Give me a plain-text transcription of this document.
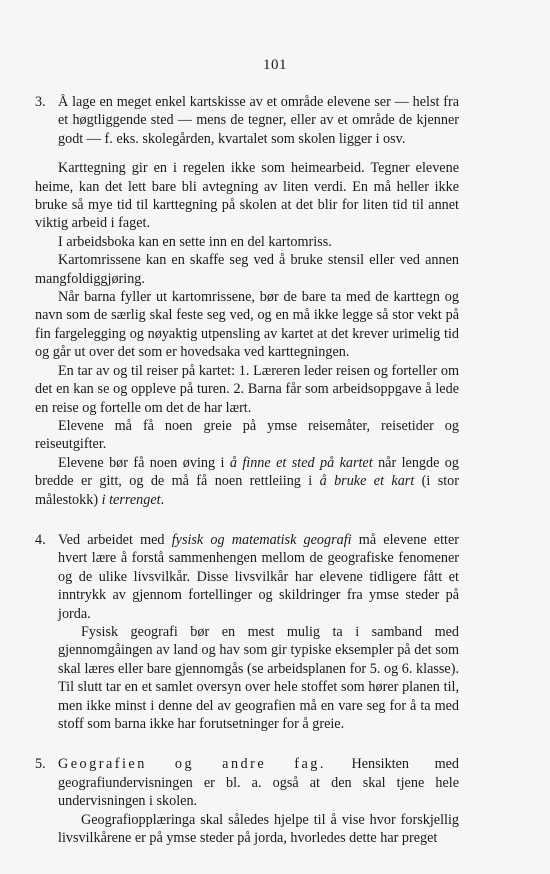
101
3. Å lage en meget enkel kartskisse av et område elevene ser — helst fra et høgtliggende sted — mens de tegner, eller av et område de kjenner godt — f. eks. skolegården, kvartalet som skolen ligger i osv.

Karttegning gir en i regelen ikke som heimearbeid. Tegner elevene heime, kan det lett bare bli avtegning av liten verdi. En må heller ikke bruke så mye tid til karttegning på skolen at det blir for liten tid til annet viktig arbeid i faget.

I arbeidsboka kan en sette inn en del kartomriss.

Kartomrissene kan en skaffe seg ved å bruke stensil eller ved annen mangfoldiggjøring.

Når barna fyller ut kartomrissene, bør de bare ta med de karttegn og navn som de særlig skal feste seg ved, og en må ikke legge så stor vekt på fin fargelegging og nøyaktig utpensling av kartet at det krever urimelig tid og går ut over det som er hovedsaka ved karttegningen.

En tar av og til reiser på kartet: 1. Læreren leder reisen og forteller om det en kan se og oppleve på turen. 2. Barna får som arbeidsoppgave å lede en reise og fortelle om det de har lært.

Elevene må få noen greie på ymse reisemåter, reisetider og reiseutgifter.

Elevene bør få noen øving i å finne et sted på kartet når lengde og bredde er gitt, og de må få noen rettleiing i å bruke et kart (i stor målestokk) i terrenget.

4. Ved arbeidet med fysisk og matematisk geografi må elevene etter hvert lære å forstå sammenhengen mellom de geografiske fenomener og de ulike livsvilkår. Disse livsvilkår har elevene tidligere fått et inntrykk av gjennom fortellinger og skildringer fra ymse steder på jorda.

Fysisk geografi bør en mest mulig ta i samband med gjennomgåingen av land og hav som gir typiske eksempler på det som skal læres eller bare gjennomgås (se arbeidsplanen for 5. og 6. klasse). Til slutt tar en et samlet oversyn over hele stoffet som hører planen til, men ikke minst i denne del av geografien må en vare seg for å ta med stoff som barna ikke har forutsetninger for å greie.

5. Geografien og andre fag. Hensikten med geografiundervisningen er bl. a. også at den skal tjene hele undervisningen i skolen.

Geografiopplæringa skal således hjelpe til å vise hvor forskjellig livsvilkårene er på ymse steder på jorda, hvorledes dette har preget
